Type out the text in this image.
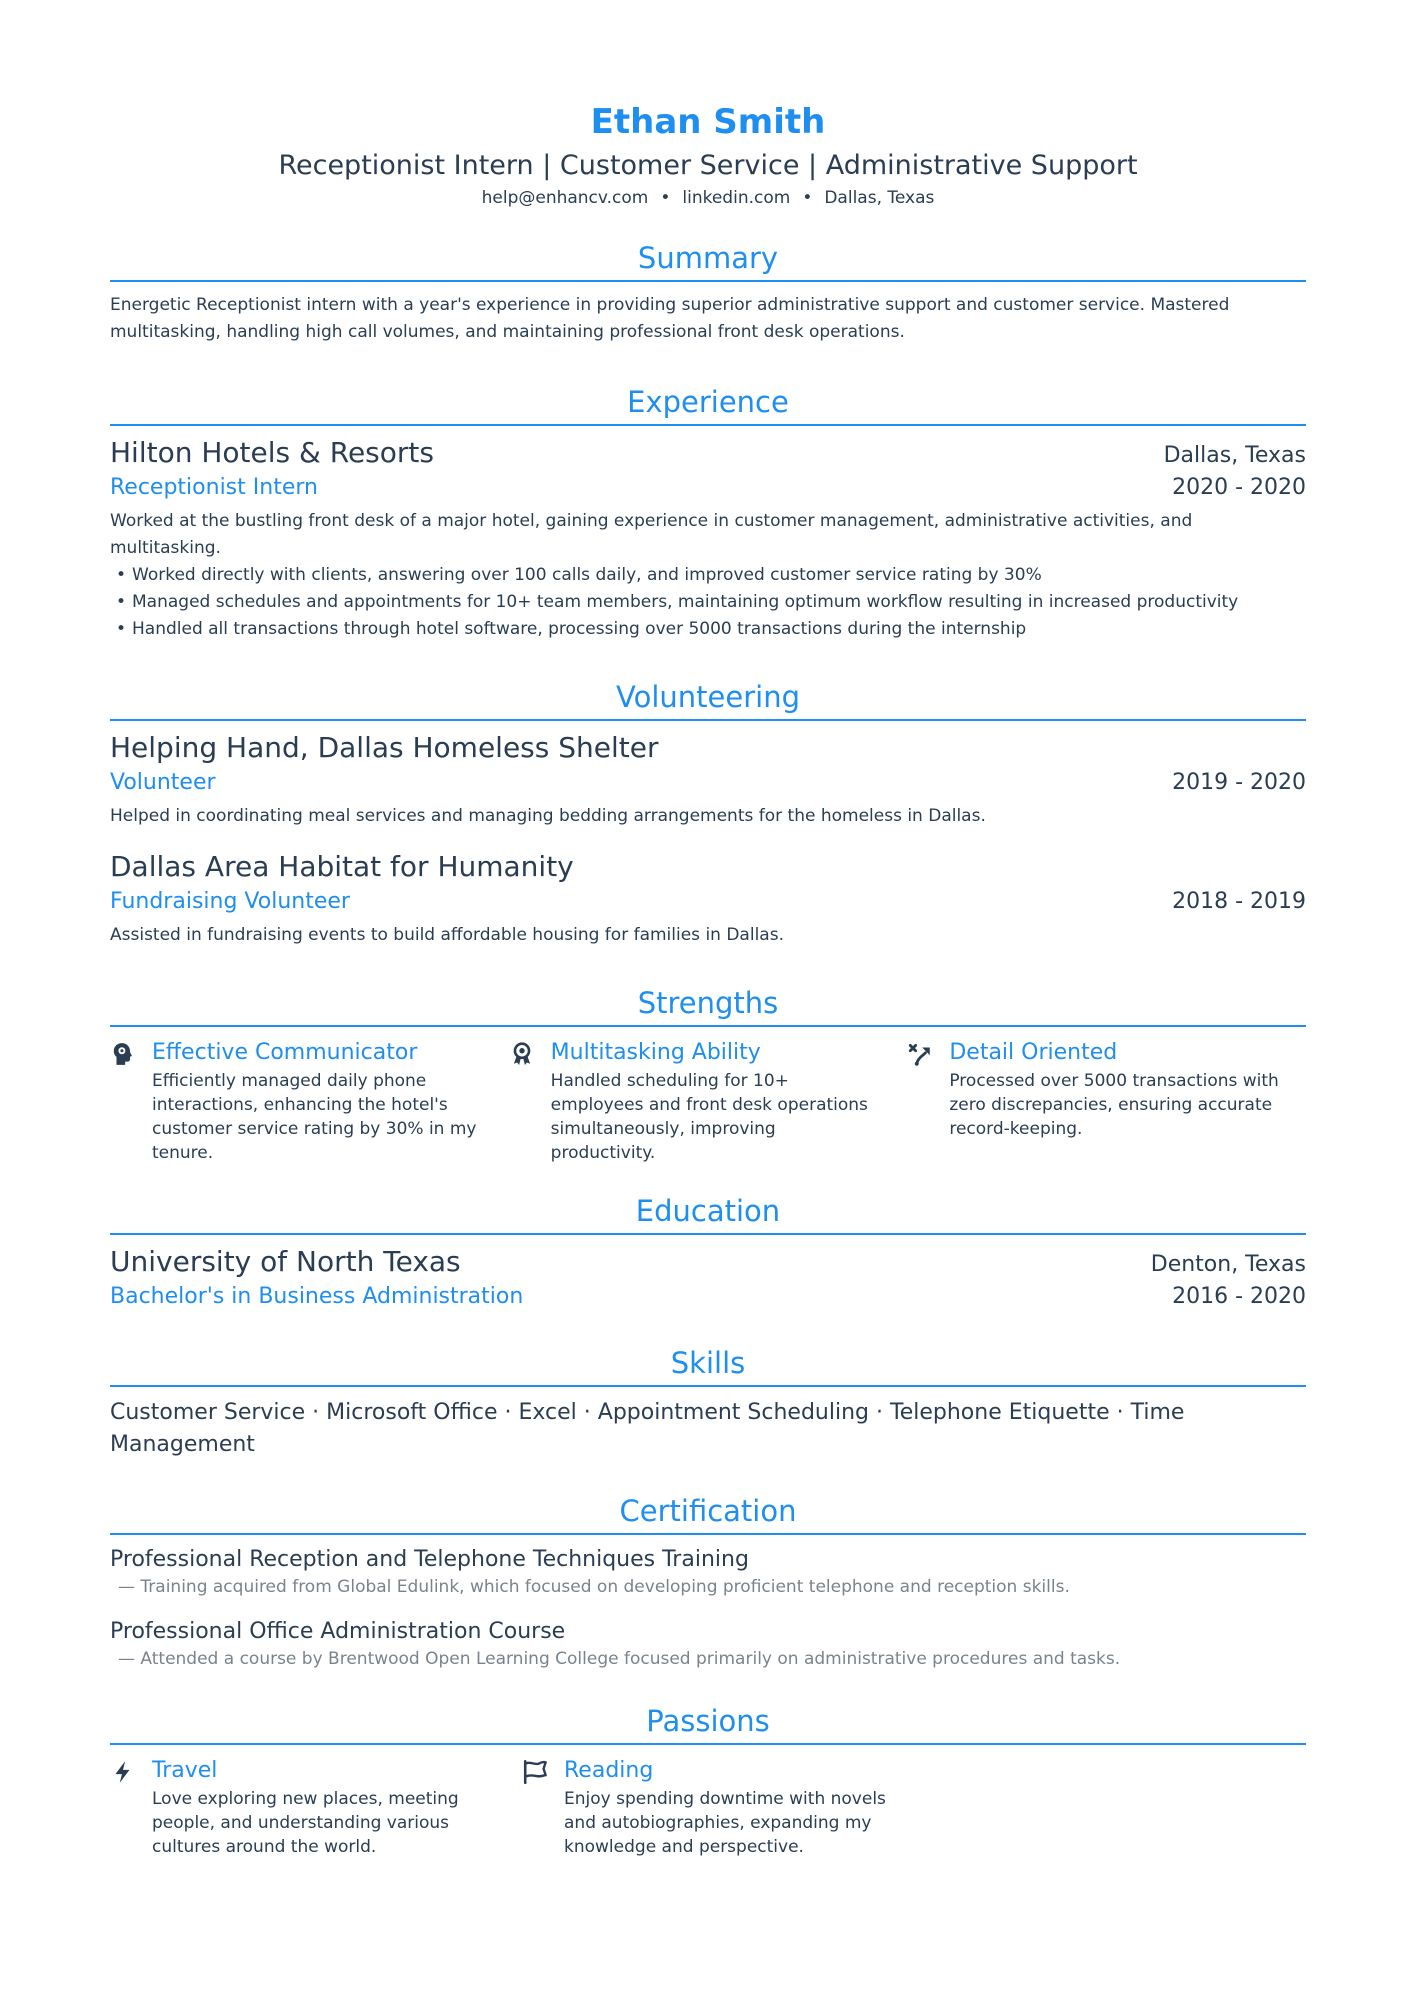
Ethan Smith
Receptionist Intern | Customer Service | Administrative Support
help@enhancv.com • linkedin.com • Dallas, Texas
Summary
Energetic Receptionist intern with a year's experience in providing superior administrative support and customer service. Mastered multitasking, handling high call volumes, and maintaining professional front desk operations.
Experience
Hilton Hotels & Resorts	Dallas, Texas
Receptionist Intern	2020 - 2020
Worked at the bustling front desk of a major hotel, gaining experience in customer management, administrative activities, and multitasking.
• Worked directly with clients, answering over 100 calls daily, and improved customer service rating by 30%
• Managed schedules and appointments for 10+ team members, maintaining optimum workflow resulting in increased productivity
• Handled all transactions through hotel software, processing over 5000 transactions during the internship
Volunteering
Helping Hand, Dallas Homeless Shelter
Volunteer	2019 - 2020
Helped in coordinating meal services and managing bedding arrangements for the homeless in Dallas.
Dallas Area Habitat for Humanity
Fundraising Volunteer	2018 - 2019
Assisted in fundraising events to build affordable housing for families in Dallas.
Strengths
Effective Communicator
Efficiently managed daily phone interactions, enhancing the hotel's customer service rating by 30% in my tenure.
Multitasking Ability
Handled scheduling for 10+ employees and front desk operations simultaneously, improving productivity.
Detail Oriented
Processed over 5000 transactions with zero discrepancies, ensuring accurate record-keeping.
Education
University of North Texas	Denton, Texas
Bachelor's in Business Administration	2016 - 2020
Skills
Customer Service · Microsoft Office · Excel · Appointment Scheduling · Telephone Etiquette · Time Management
Certification
Professional Reception and Telephone Techniques Training
— Training acquired from Global Edulink, which focused on developing proficient telephone and reception skills.
Professional Office Administration Course
— Attended a course by Brentwood Open Learning College focused primarily on administrative procedures and tasks.
Passions
Travel
Love exploring new places, meeting people, and understanding various cultures around the world.
Reading
Enjoy spending downtime with novels and autobiographies, expanding my knowledge and perspective.
